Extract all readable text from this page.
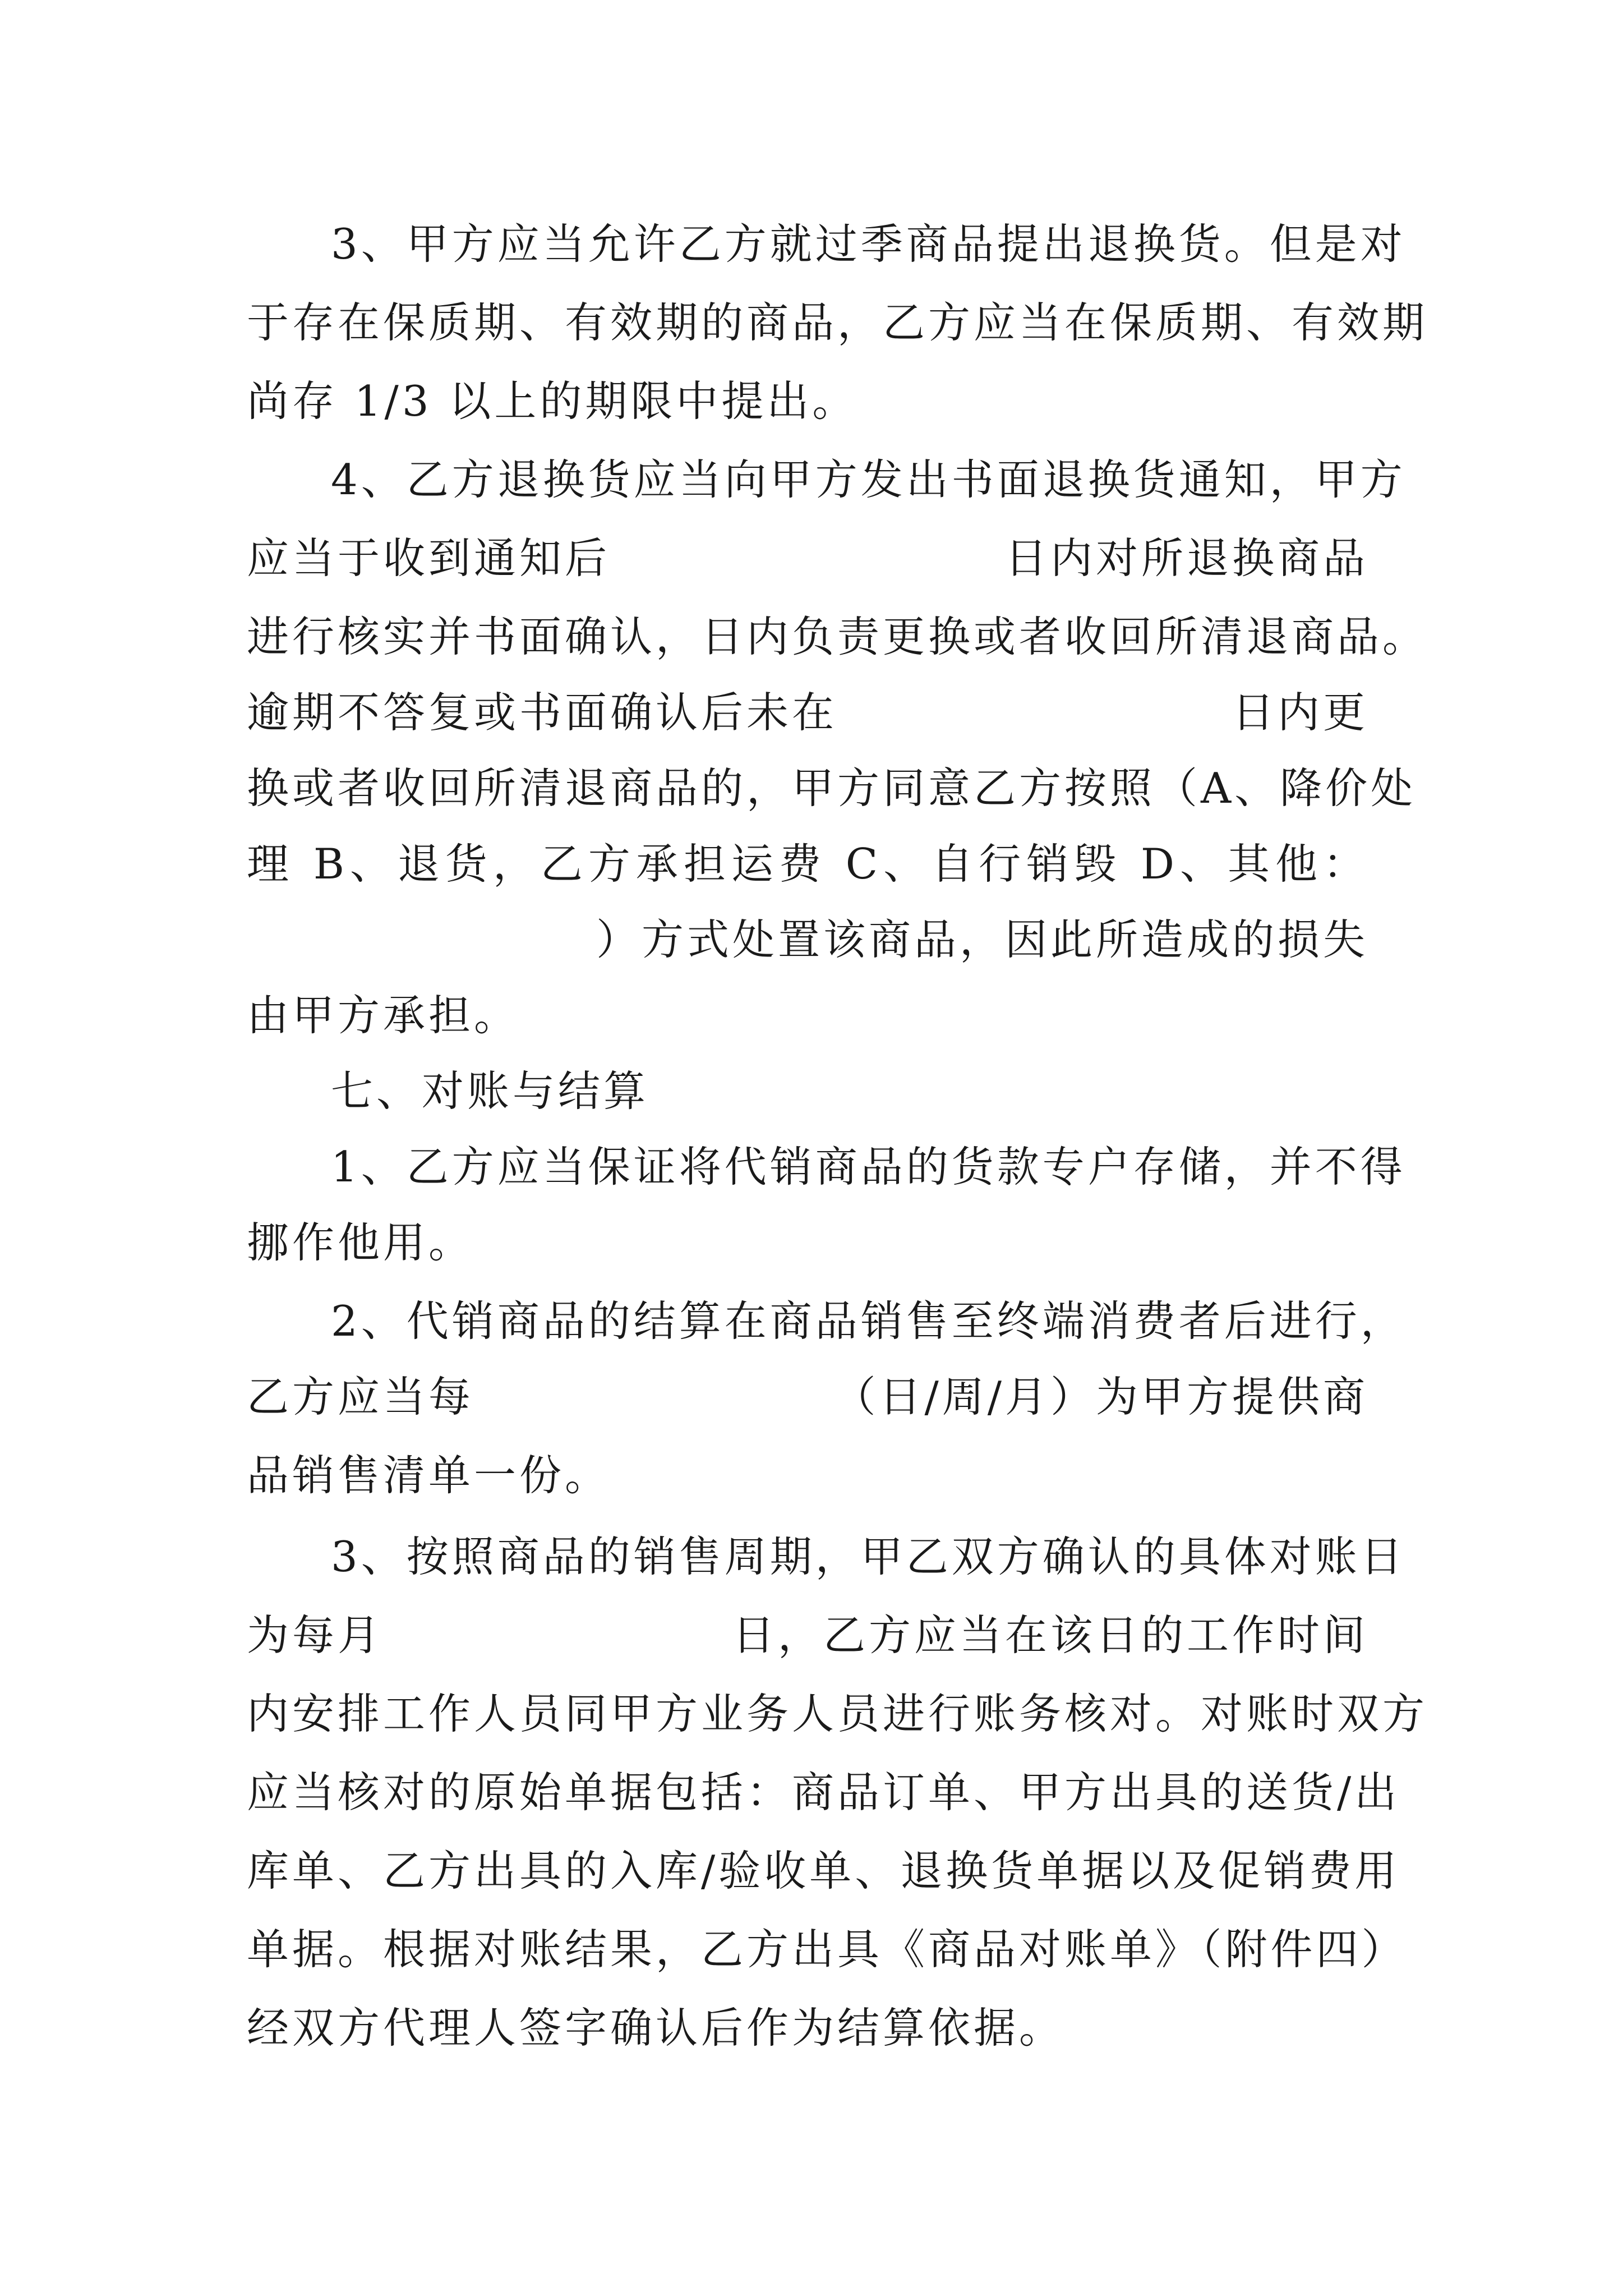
3、甲方应当允许乙方就过季商品提出退换货。但是对
于存在保质期、有效期的商品，乙方应当在保质期、有效期
尚存 1/3 以上的期限中提出。
4、乙方退换货应当向甲方发出书面退换货通知，甲方

应当于收到通知后

	日内对所退换商品

进行核实并书面确认，日内负责更换或者收回所清退商品。

逾期不答复或书面确认后未在

	日内更

换或者收回所清退商品的，甲方同意乙方按照（A、降价处
理 B、退货，乙方承担运费 C、自行销毁 D、其他：

）方式处置该商品，因此所造成的损失

由甲方承担。
七、对账与结算
1、乙方应当保证将代销商品的货款专户存储，并不得
挪作他用。
2、代销商品的结算在商品销售至终端消费者后进行，

乙方应当每

	（日/周/月）为甲方提供商

品销售清单一份。
3、按照商品的销售周期，甲乙双方确认的具体对账日

为每月

	日，乙方应当在该日的工作时间

内安排工作人员同甲方业务人员进行账务核对。对账时双方
应当核对的原始单据包括：商品订单、甲方出具的送货/出
库单、乙方出具的入库/验收单、退换货单据以及促销费用
单据。根据对账结果，乙方出具《商品对账单》（附件四）
经双方代理人签字确认后作为结算依据。
